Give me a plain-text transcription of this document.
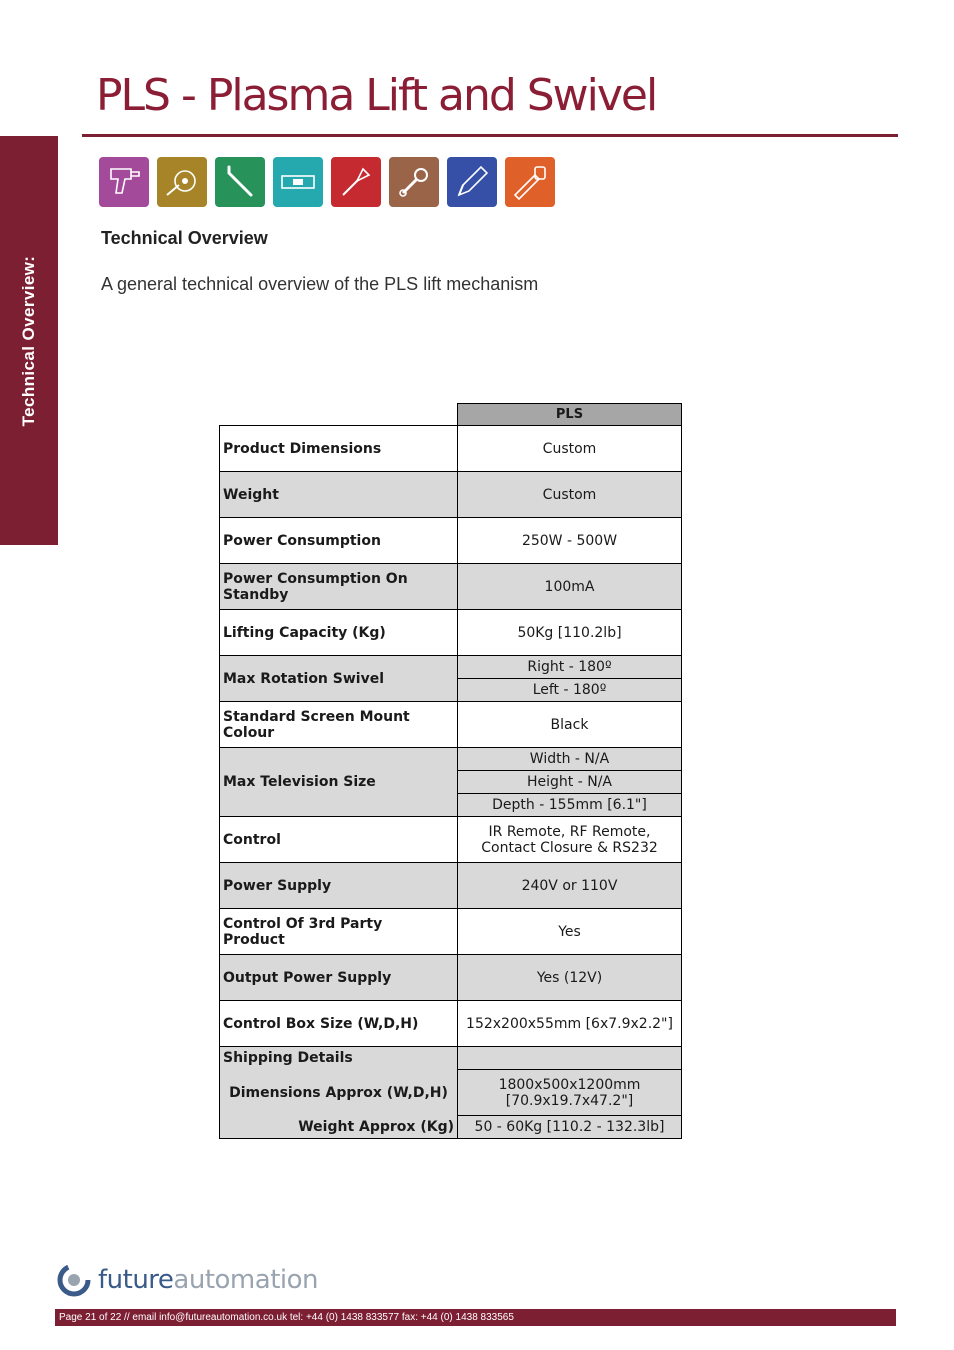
Technical Overview:
PLS - Plasma Lift and Swivel
Technical Overview
A general technical overview of the PLS lift mechanism
	PLS
Product Dimensions	Custom
Weight	Custom
Power Consumption	250W - 500W
Power Consumption On
Standby	100mA
Lifting Capacity (Kg)	50Kg [110.2lb]
Max Rotation Swivel	Right - 180º
	Left - 180º
Standard Screen Mount Colour	Black
Max Television Size	Width - N/A
	Height - N/A
	Depth - 155mm [6.1"]
Control	IR Remote, RF Remote,
Contact Closure & RS232
Power Supply	240V or 110V
Control Of 3rd Party
Product	Yes
Output Power Supply	Yes (12V)
Control Box Size (W,D,H)	152x200x55mm [6x7.9x2.2"]
Shipping Details	
Dimensions Approx (W,D,H)	1800x500x1200mm
[70.9x19.7x47.2"]
Weight Approx (Kg)	50 - 60Kg [110.2 - 132.3lb]
futureautomation
Page 21 of 22 // email info@futureautomation.co.uk tel: +44 (0) 1438 833577 fax: +44 (0) 1438 833565
